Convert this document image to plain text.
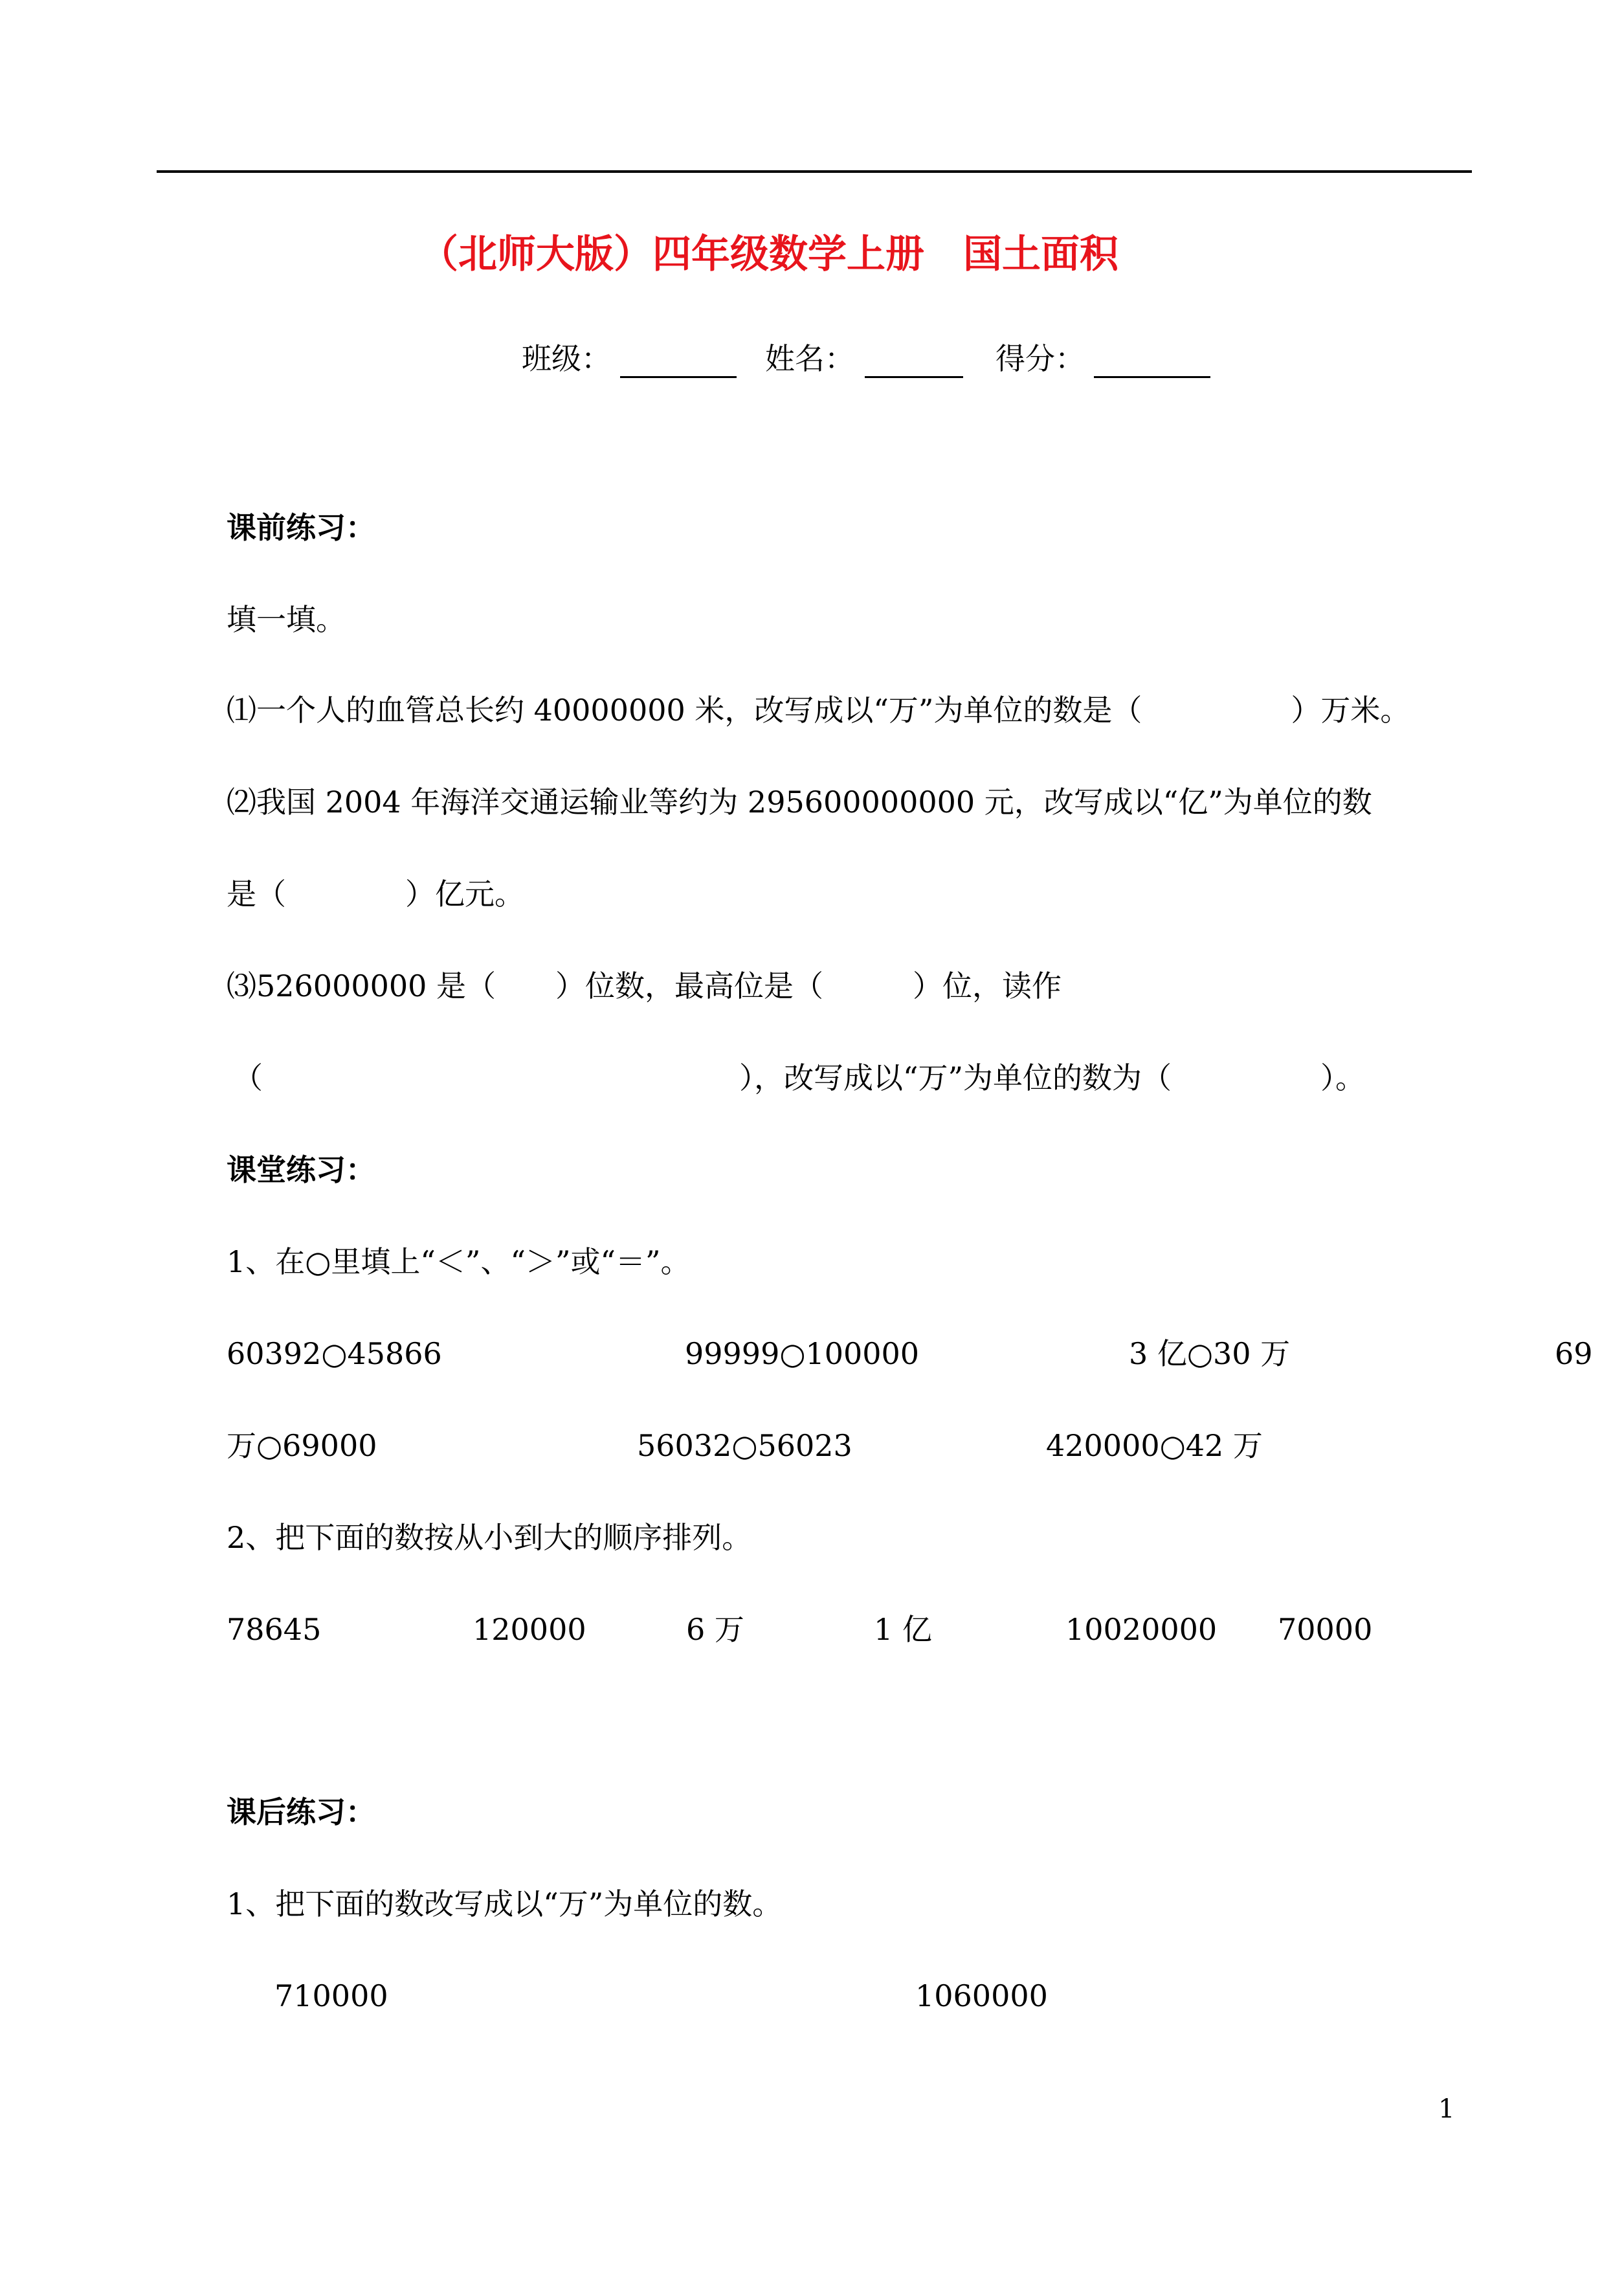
（北师大版）四年级数学上册　国土面积
班级：	姓名：	得分：
课前练习：
填一填。
⑴一个人的血管总长约 40000000 米，改写成以“万”为单位的数是（　　　　　）万米。
⑵我国 2004 年海洋交通运输业等约为 295600000000 元，改写成以“亿”为单位的数
是（　　　　）亿元。
⑶526000000 是（　　）位数，最高位是（　　　）位，读作
（　　　　　　　　　　　　　　　　），改写成以“万”为单位的数为（　　　　　）。
课堂练习：
1、在○里填上“＜”、“＞”或“＝”。
60392○45866	99999○100000	3 亿○30 万	69
万○69000	56032○56023	420000○42 万
2、把下面的数按从小到大的顺序排列。
78645	120000	6 万	1 亿	10020000 70000
课后练习：
1、把下面的数改写成以“万”为单位的数。
710000	1060000
1
